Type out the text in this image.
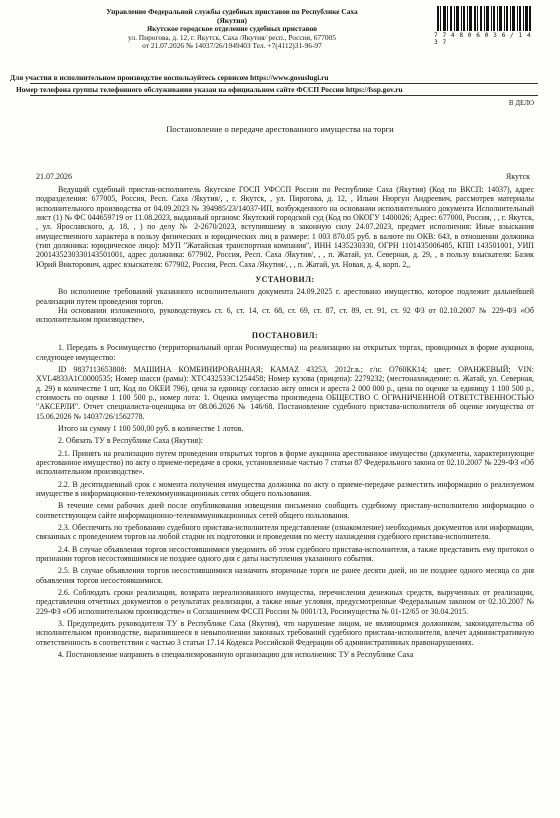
Управление Федеральной службы судебных приставов по Республике Саха
(Якутия)
Якутское городское отделение судебных приставов
ул. Пирогова, д. 12, г. Якутск, Саха /Якутия/ респ., Россия, 677005
от 21.07.2026 № 14037/26/194940З Тел. +7(4112)31-96-97
7 7 4 8 0 6 0 3 6 / 1 4 3 7
Для участия в исполнительном производстве воспользуйтесь сервисом https://www.gosuslugi.ru
Номер телефона группы телефонного обслуживания указан на официальном сайте ФССП России https://fssp.gov.ru
В ДЕЛО
Постановление о передаче арестованного имущества на торги
21.07.2026	Якутск

Ведущий судебный пристав-исполнитель Якутское ГОСП УФССП России по Республике Саха (Якутия) (Код по ВКСП: 14037), адрес подразделения: 677005, Россия, Респ. Саха /Якутия/, , г. Якутск, , ул. Пирогова, д. 12, , Ильин Нюргун Андреевич, рассмотрев материалы исполнительного производства от 04.09.2023 № 394985/23/14037-ИП, возбужденного на основании исполнительного документа Исполнительный лист (1) № ФС 044659719 от 11.08.2023, выданный органом: Якутский городской суд (Код по ОКОГУ 1400026; Адрес: 677000, Россия, , , г. Якутск, , ул. Ярославского, д. 18, , ) по делу № 2-2670/2023, вступившему в законную силу 24.07.2023, предмет исполнения: Иные взыскания имущественного характера в пользу физических и юридических лиц в размере: 1 003 870.05 руб. в валюте по ОКВ: 643, в отношении должника (тип должника: юридическое лицо): МУП "Жатайская транспортная компания", ИНН 1435230330, ОГРН 1101435006485, КПП 143501001, УИП 2001435230330143501001, адрес должника: 677902, Россия, Респ. Саха /Якутия/, , , п. Жатай, ул. Северная, д. 29, , в пользу взыскателя: Базик Юрий Викторович, адрес взыскателя: 677902, Россия, Респ. Саха /Якутия/, , , п. Жатай, ул. Новая, д. 4, корп. 2,,

УСТАНОВИЛ:

Во исполнение требований указанного исполнительного документа 24.09.2025 г. арестовано имущество, которое подлежит дальнейшей реализации путем проведения торгов.

На основании изложенного, руководствуясь ст. 6, ст. 14, ст. 68, ст. 69, ст. 87, ст. 89, ст. 91, ст. 92 ФЗ от 02.10.2007 № 229-ФЗ «Об исполнительном производстве»,

ПОСТАНОВИЛ:

1. Передать в Росимущество (территориальный орган Росимущества) на реализацию на открытых торгах, проводимых в форме аукциона, следующее имущество:

ID 9837113653808: МАШИНА КОМБИНИРОВАННАЯ; KAMAZ 43253, 2012г.в.; г/н: О760КК14; цвет: ОРАНЖЕВЫЙ; VIN: XVL4833A1C0000535; Номер шасси (рамы): XTC432533C1254458; Номер кузова (прицепа): 2279232; (местонахождение: п. Жатай, ул. Северная, д. 29) в количестве 1 шт, Код по ОКЕИ 796), цена за единицу согласно акту описи и ареста 2 000 000 р., цена по оценке за единицу 1 100 500 р., стоимость по оценке 1 100 500 р., номер лота: 1. Оценка имущества произведена ОБЩЕСТВО С ОГРАНИЧЕННОЙ ОТВЕТСТВЕННОСТЬЮ "АКСЕРЛИ". Отчет специалиста-оценщика от 08.06.2026 № 146/68. Постановление судебного пристава-исполнителя об оценке имущества от 15.06.2026 № 14037/26/1562778.

Итого на сумму 1 100 500,00 руб. в количестве 1 лотов.

2. Обязать ТУ в Республике Саха (Якутия):

2.1. Принять на реализацию путем проведения открытых торгов в форме аукциона арестованное имущество (документы, характеризующие арестованное имущество) по акту о приеме-передаче в сроки, установленные частью 7 статьи 87 Федерального закона от 02.10.2007 № 229-ФЗ «Об исполнительном производстве».

2.2. В десятидневный срок с момента получения имущества должника по акту о приеме-передаче разместить информацию о реализуемом имуществе в информационно-телекоммуникационных сетях общего пользования.

В течение семи рабочих дней после опубликования извещения письменно сообщить судебному приставу-исполнителю информацию о соответствующем сайте информационно-телекоммуникационных сетей общего пользования.

2.3. Обеспечить по требованию судебного пристава-исполнителя представление (ознакомление) необходимых документов или информации, связанных с проведением торгов на любой стадии их подготовки и проведения по месту нахождения судебного пристава-исполнителя.

2.4. В случае объявления торгов несостоявшимися уведомить об этом судебного пристава-исполнителя, а также представить ему протокол о признании торгов несостоявшимися не позднее одного дня с даты наступления указанного события.

2.5. В случае объявления торгов несостоявшимися назначить вторичные торги не ранее десяти дней, но не позднее одного месяца со дня объявления торгов несостоявшимися.

2.6. Соблюдать сроки реализации, возврата нереализованного имущества, перечисления денежных средств, вырученных от реализации, представления отчетных документов о результатах реализации, а также иные условия, предусмотренные Федеральным законом от 02.10.2007 № 229-ФЗ «Об исполнительном производстве» и Соглашением ФССП России № 0001/13, Росимущества № 01-12/65 от 30.04.2015.

3. Предупредить руководителя ТУ в Республике Саха (Якутия), что нарушение лицом, не являющимся должником, законодательства об исполнительном производстве, выразившееся в невыполнении законных требований судебного пристава-исполнителя, влечет административную ответственность в соответствии с частью 3 статьи 17.14 Кодекса Российской Федерации об административных правонарушениях.

4. Постановление направить в специализированную организацию для исполнения: ТУ в Республике Саха
